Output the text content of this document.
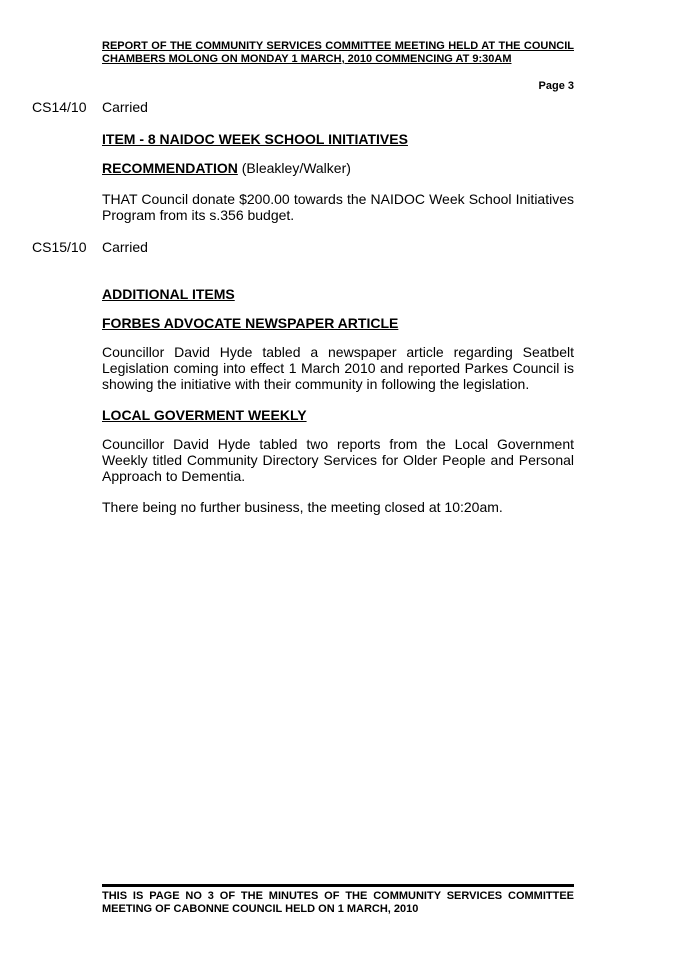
REPORT OF THE COMMUNITY SERVICES COMMITTEE MEETING HELD AT THE COUNCIL CHAMBERS MOLONG ON MONDAY 1 MARCH, 2010 COMMENCING AT 9:30AM
Page 3
CS14/10 Carried
ITEM - 8 NAIDOC WEEK SCHOOL INITIATIVES
RECOMMENDATION (Bleakley/Walker)
THAT Council donate $200.00 towards the NAIDOC Week School Initiatives Program from its s.356 budget.
CS15/10 Carried
ADDITIONAL ITEMS
FORBES ADVOCATE NEWSPAPER ARTICLE
Councillor David Hyde tabled a newspaper article regarding Seatbelt Legislation coming into effect 1 March 2010 and reported Parkes Council is showing the initiative with their community in following the legislation.
LOCAL GOVERMENT WEEKLY
Councillor David Hyde tabled two reports from the Local Government Weekly titled Community Directory Services for Older People and Personal Approach to Dementia.
There being no further business, the meeting closed at 10:20am.
THIS IS PAGE NO 3 OF THE MINUTES OF THE COMMUNITY SERVICES COMMITTEE MEETING OF CABONNE COUNCIL HELD ON 1 MARCH, 2010
